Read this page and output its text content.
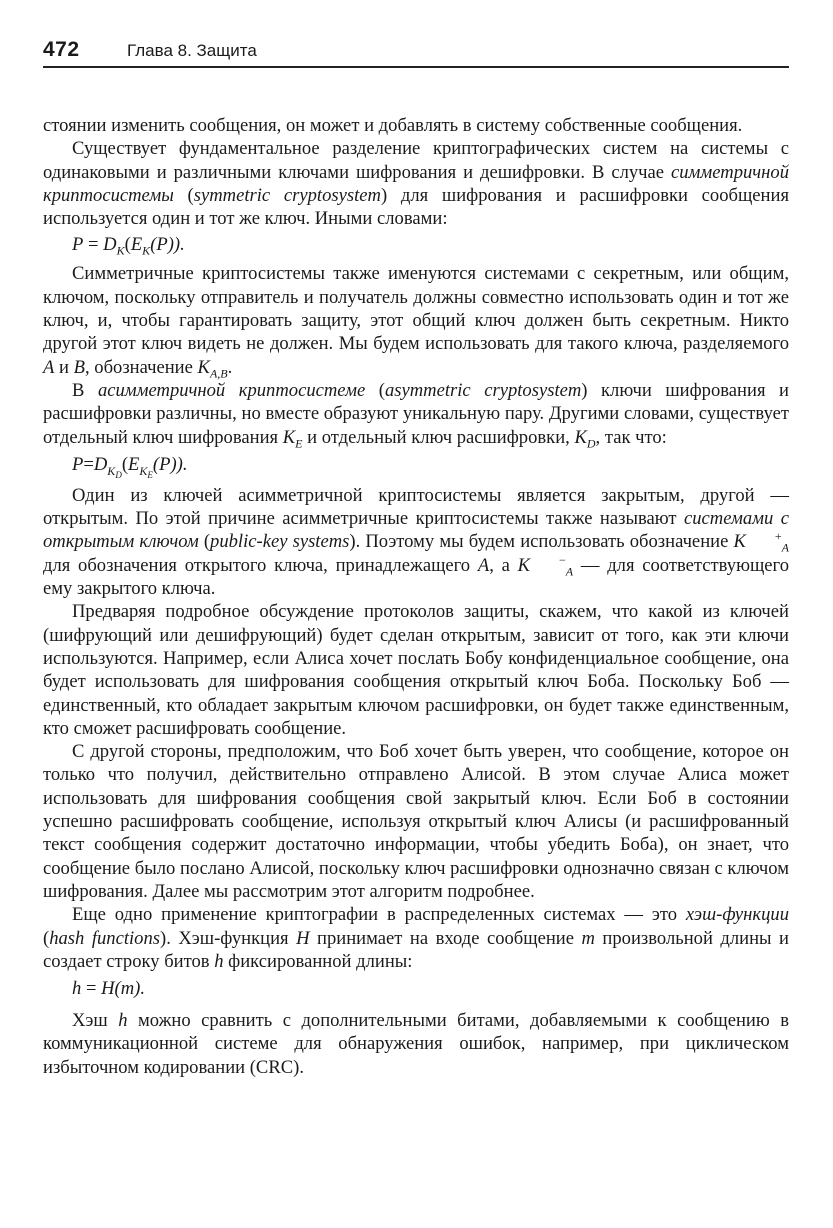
472	Глава 8. Защита

стоянии изменить сообщения, он может и добавлять в систему собственные сообщения.

Существует фундаментальное разделение криптографических систем на системы с одинаковыми и различными ключами шифрования и дешифровки. В случае симметричной криптосистемы (symmetric cryptosystem) для шифрования и расшифровки сообщения используется один и тот же ключ. Иными словами:

$P = D_K(E_K(P))$.

Симметричные криптосистемы также именуются системами с секретным, или общим, ключом, поскольку отправитель и получатель должны совместно использовать один и тот же ключ, и, чтобы гарантировать защиту, этот общий ключ должен быть секретным. Никто другой этот ключ видеть не должен. Мы будем использовать для такого ключа, разделяемого A и B, обозначение $K_{A,B}$.

В асимметричной криптосистеме (asymmetric cryptosystem) ключи шифрования и расшифровки различны, но вместе образуют уникальную пару. Другими словами, существует отдельный ключ шифрования $K_E$ и отдельный ключ расшифровки, $K_D$, так что:

$P=D_{K_D}(E_{K_E}(P))$.

Один из ключей асимметричной криптосистемы является закрытым, другой — открытым. По этой причине асимметричные криптосистемы также называют системами с открытым ключом (public-key systems). Поэтому мы будем использовать обозначение K +$_A$ для обозначения открытого ключа, принадлежащего A, а K −$_A$ — для соответствующего ему закрытого ключа.

Предваряя подробное обсуждение протоколов защиты, скажем, что какой из ключей (шифрующий или дешифрующий) будет сделан открытым, зависит от того, как эти ключи используются. Например, если Алиса хочет послать Бобу конфиденциальное сообщение, она будет использовать для шифрования сообщения открытый ключ Боба. Поскольку Боб — единственный, кто обладает закрытым ключом расшифровки, он будет также единственным, кто сможет расшифровать сообщение.

С другой стороны, предположим, что Боб хочет быть уверен, что сообщение, которое он только что получил, действительно отправлено Алисой. В этом случае Алиса может использовать для шифрования сообщения свой закрытый ключ. Если Боб в состоянии успешно расшифровать сообщение, используя открытый ключ Алисы (и расшифрованный текст сообщения содержит достаточно информации, чтобы убедить Боба), он знает, что сообщение было послано Алисой, поскольку ключ расшифровки однозначно связан с ключом шифрования. Далее мы рассмотрим этот алгоритм подробнее.

Еще одно применение криптографии в распределенных системах — это хэш-функции (hash functions). Хэш-функция H принимает на входе сообщение m произвольной длины и создает строку битов h фиксированной длины:

h = H(m).

Хэш h можно сравнить с дополнительными битами, добавляемыми к сообщению в коммуникационной системе для обнаружения ошибок, например, при циклическом избыточном кодировании (CRC).
